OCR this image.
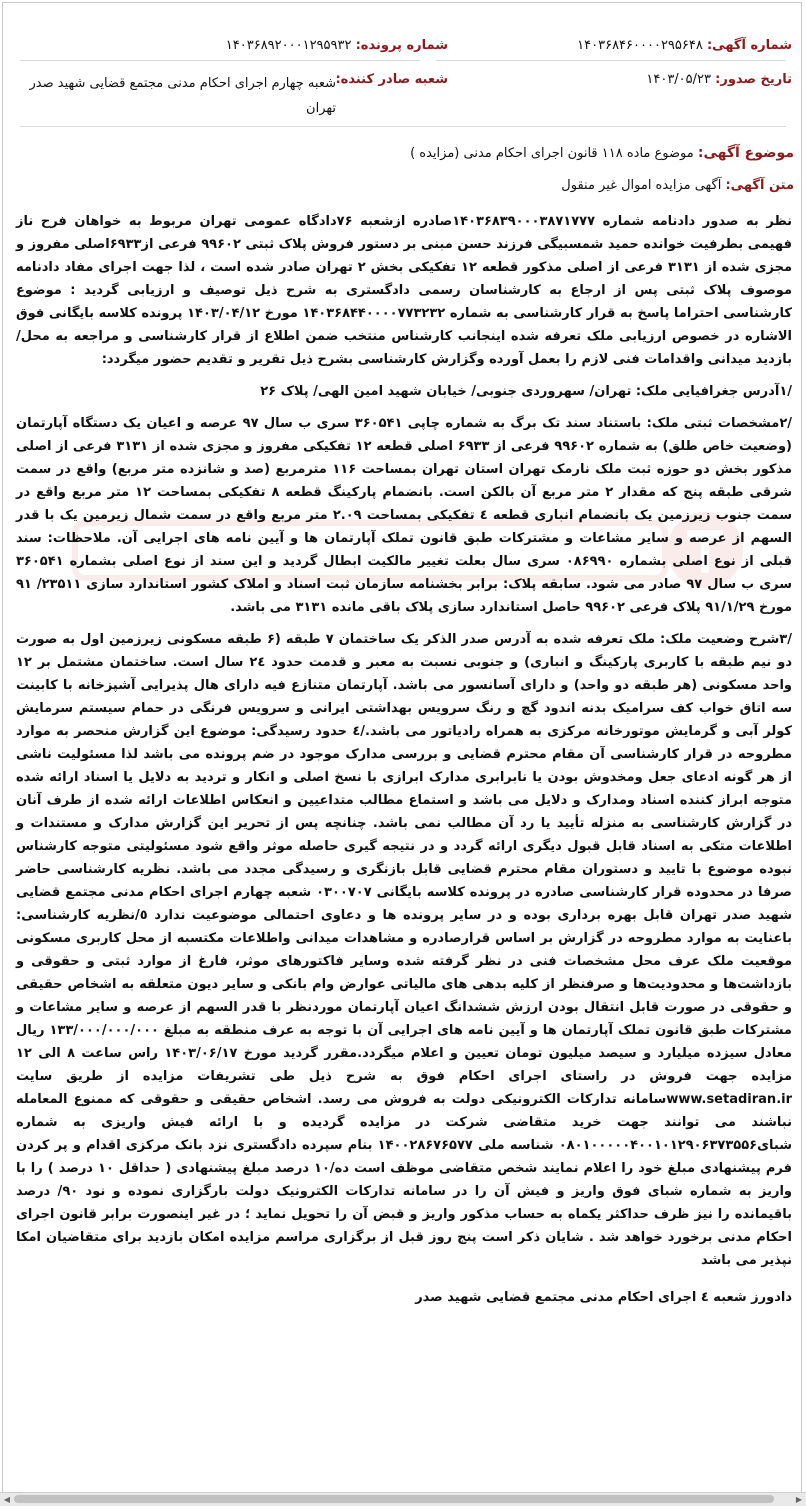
شماره آگهی: ۱۴۰۳۶۸۴۶۰۰۰۰۲۹۵۶۴۸
شماره پرونده: ۱۴۰۳۶۸۹۲۰۰۰۱۲۹۵۹۳۲
تاریخ صدور: ۱۴۰۳/۰۵/۲۳
شعبه صادر کننده:
شعبه چهارم اجرای احکام مدنی مجتمع قضایی شهید صدر تهران
موضوع آگهی: موضوع ماده ۱۱۸ قانون اجرای احکام مدنی (مزایده )
متن آگهی: آگهی مزایده اموال غیر منقول

نظر به صدور دادنامه شماره ۱۴۰۳۶۸۳۹۰۰۰۳۸۷۱۷۷۷صادره ازشعبه ۷۶دادگاه عمومی تهران مربوط به خواهان فرح ناز فهیمی بطرفیت خوانده حمید شمسبیگی فرزند حسن مبنی بر دستور فروش پلاک ثبتی ۹۹۶۰۲ فرعی از۶۹۳۳اصلی مفروز و مجزی شده از ۳۱۳۱ فرعی از اصلی مذکور قطعه ۱۲ تفکیکی بخش ۲ تهران صادر شده است ، لذا جهت اجرای مفاد دادنامه موصوف پلاک ثبتی پس از ارجاع به کارشناسان رسمی دادگستری به شرح ذیل توصیف و ارزیابی گردید : موضوع کارشناسی احتراما پاسخ به قرار کارشناسی به شماره ۱۴۰۳۶۸۴۴۰۰۰۰۷۷۳۲۳۲ مورخ ۱۴۰۳/۰۴/۱۲ پرونده کلاسه بایگانی فوق الاشاره در خصوص ارزیابی ملک تعرفه شده اینجانب کارشناس منتخب ضمن اطلاع از قرار کارشناسی و مراجعه به محل/ بازدید میدانی واقدامات فنی لازم را بعمل آورده وگزارش کارشناسی بشرح ذیل تقریر و تقدیم حضور میگردد:

/۱آدرس جغرافیایی ملک: تهران/ سهروردی جنوبی/ خیابان شهید امین الهی/ پلاک ۲۶

/۲مشخصات ثبتی ملک: باستناد سند تک برگ به شماره چاپی ۳۶۰۵۴۱ سری ب سال ۹۷ عرصه و اعیان یک دستگاه آپارتمان (وضعیت خاص طلق) به شماره ۹۹۶۰۲ فرعی از ۶۹۳۳ اصلی قطعه ۱۲ تفکیکی مفروز و مجزی شده از ۳۱۳۱ فرعی از اصلی مذکور بخش دو حوزه ثبت ملک نارمک تهران استان تهران بمساحت ۱۱۶ مترمربع (صد و شانزده متر مربع) واقع در سمت شرقی طبقه پنج که مقدار ۲ متر مربع آن بالکن است. بانضمام پارکینگ قطعه ۸ تفکیکی بمساحت ۱۲ متر مربع واقع در سمت جنوب زیرزمین یک بانضمام انباری قطعه ٤ تفکیکی بمساحت ۲.۰۹ متر مربع واقع در سمت شمال زیرمین یک با قدر السهم از عرصه و سایر مشاعات و مشترکات طبق قانون تملک آپارتمان ها و آیین نامه های اجرایی آن. ملاحظات: سند قبلی از نوع اصلی بشماره ۰۸۶۹۹۰ سری سال بعلت تغییر مالکیت ابطال گردید و این سند از نوع اصلی بشماره ۳۶۰۵۴۱ سری ب سال ۹۷ صادر می شود. سابقه پلاک: برابر بخشنامه سازمان ثبت اسناد و املاک کشور استاندارد سازی ۲۳۵۱۱/ ۹۱ مورخ ۹۱/۱/۲۹ پلاک فرعی ۹۹۶۰۲ حاصل استاندارد سازی پلاک باقی مانده ۳۱۳۱ می باشد.

/۳شرح وضعیت ملک: ملک تعرفه شده به آدرس صدر الذکر یک ساختمان ۷ طبقه (۶ طبقه مسکونی زیرزمین اول به صورت دو نیم طبقه با کاربری پارکینگ و انباری) و جنوبی نسبت به معبر و قدمت حدود ۲٤ سال است. ساختمان مشتمل بر ۱۲ واحد مسکونی (هر طبقه دو واحد) و دارای آسانسور می باشد. آپارتمان متنازع فیه دارای هال پذیرایی آشپزخانه با کابینت سه اتاق خواب کف سرامیک بدنه اندود گچ و رنگ سرویس بهداشتی ایرانی و سرویس فرنگی در حمام سیستم سرمایش کولر آبی و گرمایش موتورخانه مرکزی به همراه رادیاتور می باشد./٤ حدود رسیدگی: موضوع این گزارش منحصر به موارد مطروحه در قرار کارشناسی آن مقام محترم قضایی و بررسی مدارک موجود در ضم پرونده می باشد لذا مسئولیت ناشی از هر گونه ادعای جعل ومخدوش بودن یا نابرابری مدارک ابرازی با نسخ اصلی و انکار و تردید به دلایل یا اسناد ارائه شده متوجه ابراز کننده اسناد ومدارک و دلایل می باشد و استماع مطالب متداعیین و انعکاس اطلاعات ارائه شده از طرف آنان در گزارش کارشناسی به منزله تأیید یا رد آن مطالب نمی باشد. چنانچه پس از تحریر این گزارش مدارک و مستندات و اطلاعات متکی به اسناد قابل قبول دیگری ارائه گردد و در نتیجه گیری حاصله موثر واقع شود مسئولیتی متوجه کارشناس نبوده موضوع با تایید و دستوران مقام محترم قضایی قابل بازنگری و رسیدگی مجدد می باشد. نظریه کارشناسی حاضر صرفا در محدوده قرار کارشناسی صادره در پرونده کلاسه بایگانی ۰۳۰۰۷۰۷ شعبه چهارم اجرای احکام مدنی مجتمع قضایی شهید صدر تهران قابل بهره برداری بوده و در سایر پرونده ها و دعاوی احتمالی موضوعیت ندارد ٥/نظریه کارشناسی: باعنایت به موارد مطروحه در گزارش بر اساس قرارصادره و مشاهدات میدانی واطلاعات مکتسبه از محل کاربری مسکونی موقعیت ملک عرف محل مشخصات فنی در نظر گرفته شده وسایر فاکتورهای موثر، فارغ از موارد ثبتی و حقوقی و بازداشت‌ها و محدودیت‌ها و صرفنظر از کلیه بدهی های مالیاتی عوارض وام بانکی و سایر دیون متعلقه به اشخاص حقیقی و حقوقی در صورت قابل انتقال بودن ارزش ششدانگ اعیان آپارتمان مورد‌نظر با قدر السهم از عرصه و سایر مشاعات و مشترکات طبق قانون تملک آپارتمان ها و آیین نامه های اجرایی آن با توجه به عرف منطقه به مبلغ ۱۳۳/۰۰۰/۰۰۰/۰۰۰ ریال معادل سیزده میلیارد و سیصد میلیون تومان تعیین و اعلام میگردد.مقرر گردید مورخ ۱۴۰۳/۰۶/۱۷ راس ساعت ۸ الی ۱۲ مزایده جهت فروش در راستای اجرای احکام فوق به شرح ذیل طی تشریفات مزایده از طریق سایت www.setadiran.irسامانه تدارکات الکترونیکی دولت به فروش می رسد. اشخاص حقیقی و حقوقی که ممنوع المعامله نباشند می توانند جهت خرید متقاضی شرکت در مزایده گردیده و با ارائه فیش واریزی به شماره شبای۰۸۰۱۰۰۰۰۰۴۰۰۱۰۱۲۹۰۶۳۷۳۵۵۶ شناسه ملی ۱۴۰۰۲۸۶۷۶۵۷۷ بنام سپرده دادگستری نزد بانک مرکزی اقدام و پر کردن فرم پیشنهادی مبلغ خود را اعلام نمایند شخص متقاضی موظف است ده/۱۰ درصد مبلغ پیشنهادی ( حداقل ۱۰ درصد ) را با واریز به شماره شبای فوق واریز و فیش آن را در سامانه تدارکات الکترونیک دولت بارگزاری نموده و نود ۹۰/ درصد باقیمانده را نیز ظرف حداکثر یکماه به حساب مذکور واریز و قبض آن را تحویل نماید ؛ در غیر اینصورت برابر قانون اجرای احکام مدنی برخورد خواهد شد . شایان ذکر است پنج روز قبل از برگزاری مراسم مزایده امکان بازدید برای متقاضیان امکا نپذیر می باشد

دادورز شعبه ٤ اجرای احکام مدنی مجتمع قضایی شهید صدر

◀	▶
